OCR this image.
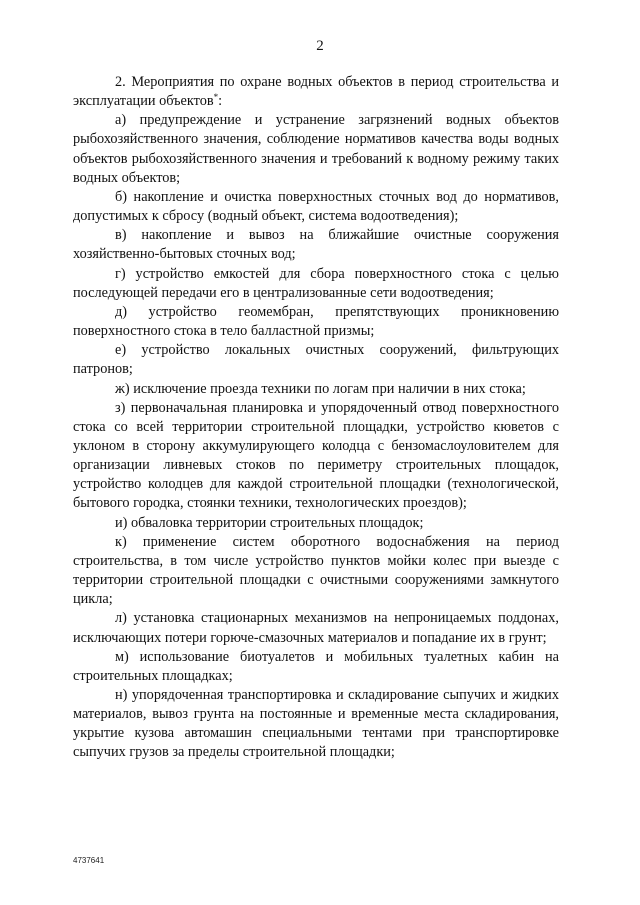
2

2. Мероприятия по охране водных объектов в период строительства и эксплуатации объектов*:

а) предупреждение и устранение загрязнений водных объектов рыбохозяйственного значения, соблюдение нормативов качества воды водных объектов рыбохозяйственного значения и требований к водному режиму таких водных объектов;

б) накопление и очистка поверхностных сточных вод до нормативов, допустимых к сбросу (водный объект, система водоотведения);

в) накопление и вывоз на ближайшие очистные сооружения хозяйственно-бытовых сточных вод;

г) устройство емкостей для сбора поверхностного стока с целью последующей передачи его в централизованные сети водоотведения;

д) устройство геомембран, препятствующих проникновению поверхностного стока в тело балластной призмы;

е) устройство локальных очистных сооружений, фильтрующих патронов;

ж) исключение проезда техники по логам при наличии в них стока;

з) первоначальная планировка и упорядоченный отвод поверхностного стока со всей территории строительной площадки, устройство кюветов с уклоном в сторону аккумулирующего колодца с бензомаслоуловителем для организации ливневых стоков по периметру строительных площадок, устройство колодцев для каждой строительной площадки (технологической, бытового городка, стоянки техники, технологических проездов);

и) обваловка территории строительных площадок;

к) применение систем оборотного водоснабжения на период строительства, в том числе устройство пунктов мойки колес при выезде с территории строительной площадки с очистными сооружениями замкнутого цикла;

л) установка стационарных механизмов на непроницаемых поддонах, исключающих потери горюче-смазочных материалов и попадание их в грунт;

м) использование биотуалетов и мобильных туалетных кабин на строительных площадках;

н) упорядоченная транспортировка и складирование сыпучих и жидких материалов, вывоз грунта на постоянные и временные места складирования, укрытие кузова автомашин специальными тентами при транспортировке сыпучих грузов за пределы строительной площадки;

4737641
